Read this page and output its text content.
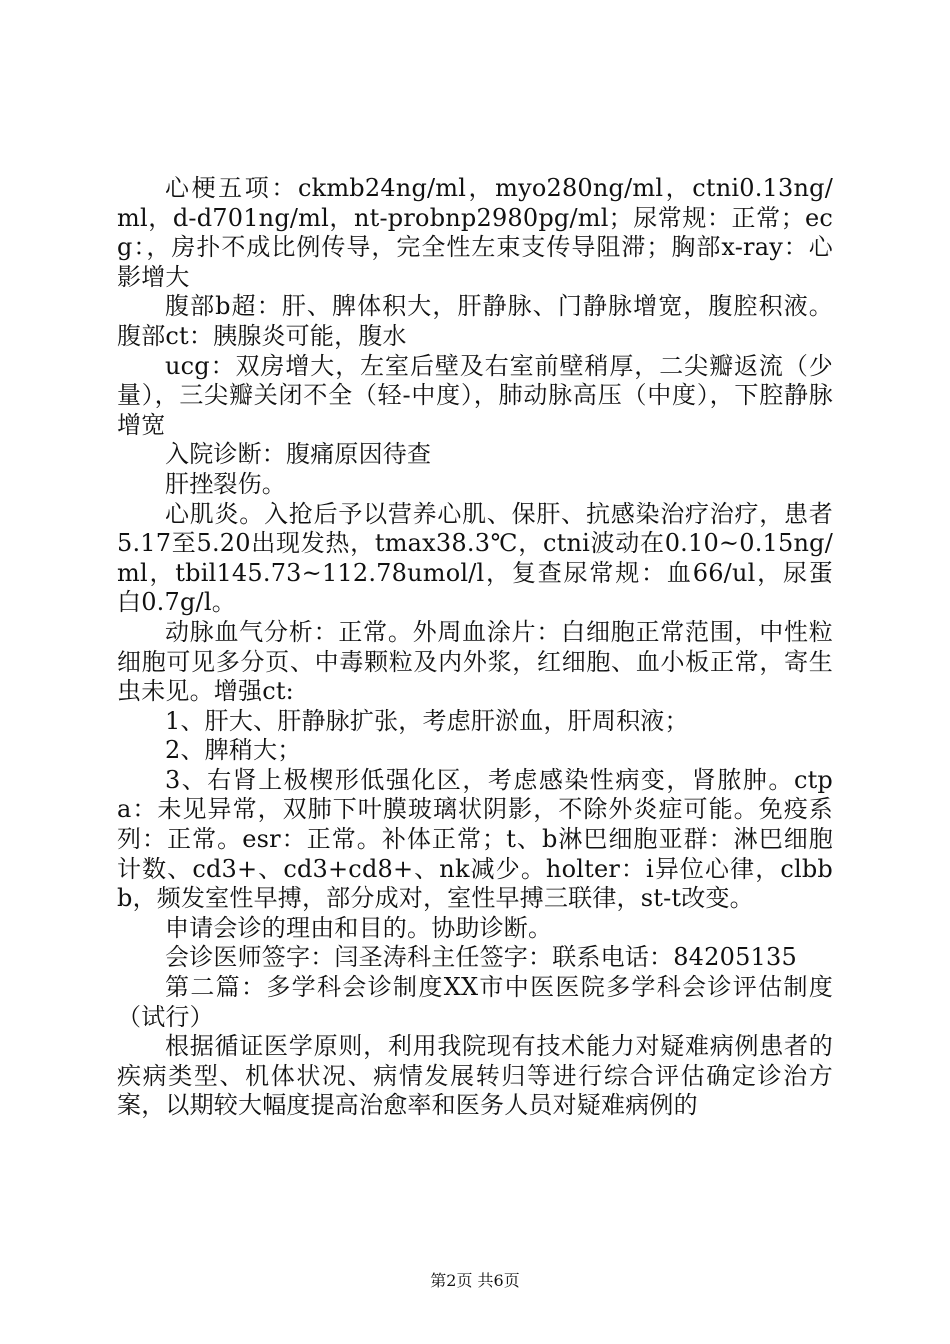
心梗五项：ckmb24ng/ml，myo280ng/ml，ctni0.13ng/ml，d-d701ng/ml，nt-probnp2980pg/ml；尿常规：正常；ecg：，房扑不成比例传导，完全性左束支传导阻滞；胸部x-ray：心影增大

腹部b超：肝、脾体积大，肝静脉、门静脉增宽，腹腔积液。腹部ct：胰腺炎可能，腹水

ucg：双房增大，左室后壁及右室前壁稍厚，二尖瓣返流（少量），三尖瓣关闭不全（轻-中度），肺动脉高压（中度），下腔静脉增宽

入院诊断：腹痛原因待查

肝挫裂伤。

心肌炎。入抢后予以营养心肌、保肝、抗感染治疗治疗，患者5.17至5.20出现发热，tmax38.3℃，ctni波动在0.10~0.15ng/ml，tbil145.73~112.78umol/l，复查尿常规：血66/ul，尿蛋白0.7g/l。

动脉血气分析：正常。外周血涂片：白细胞正常范围，中性粒细胞可见多分页、中毒颗粒及内外浆，红细胞、血小板正常，寄生虫未见。增强ct:

1、肝大、肝静脉扩张，考虑肝淤血，肝周积液；

2、脾稍大；

3、右肾上极楔形低强化区，考虑感染性病变，肾脓肿。ctpa：未见异常，双肺下叶膜玻璃状阴影，不除外炎症可能。免疫系列：正常。esr：正常。补体正常；t、b淋巴细胞亚群：淋巴细胞计数、cd3+、cd3+cd8+、nk减少。holter：i异位心律，clbbb，频发室性早搏，部分成对，室性早搏三联律，st-t改变。

申请会诊的理由和目的。协助诊断。

会诊医师签字：闫圣涛科主任签字：联系电话：84205135

第二篇：多学科会诊制度XX市中医医院多学科会诊评估制度（试行）

根据循证医学原则，利用我院现有技术能力对疑难病例患者的疾病类型、机体状况、病情发展转归等进行综合评估确定诊治方案，以期较大幅度提高治愈率和医务人员对疑难病例的

第2页 共6页
